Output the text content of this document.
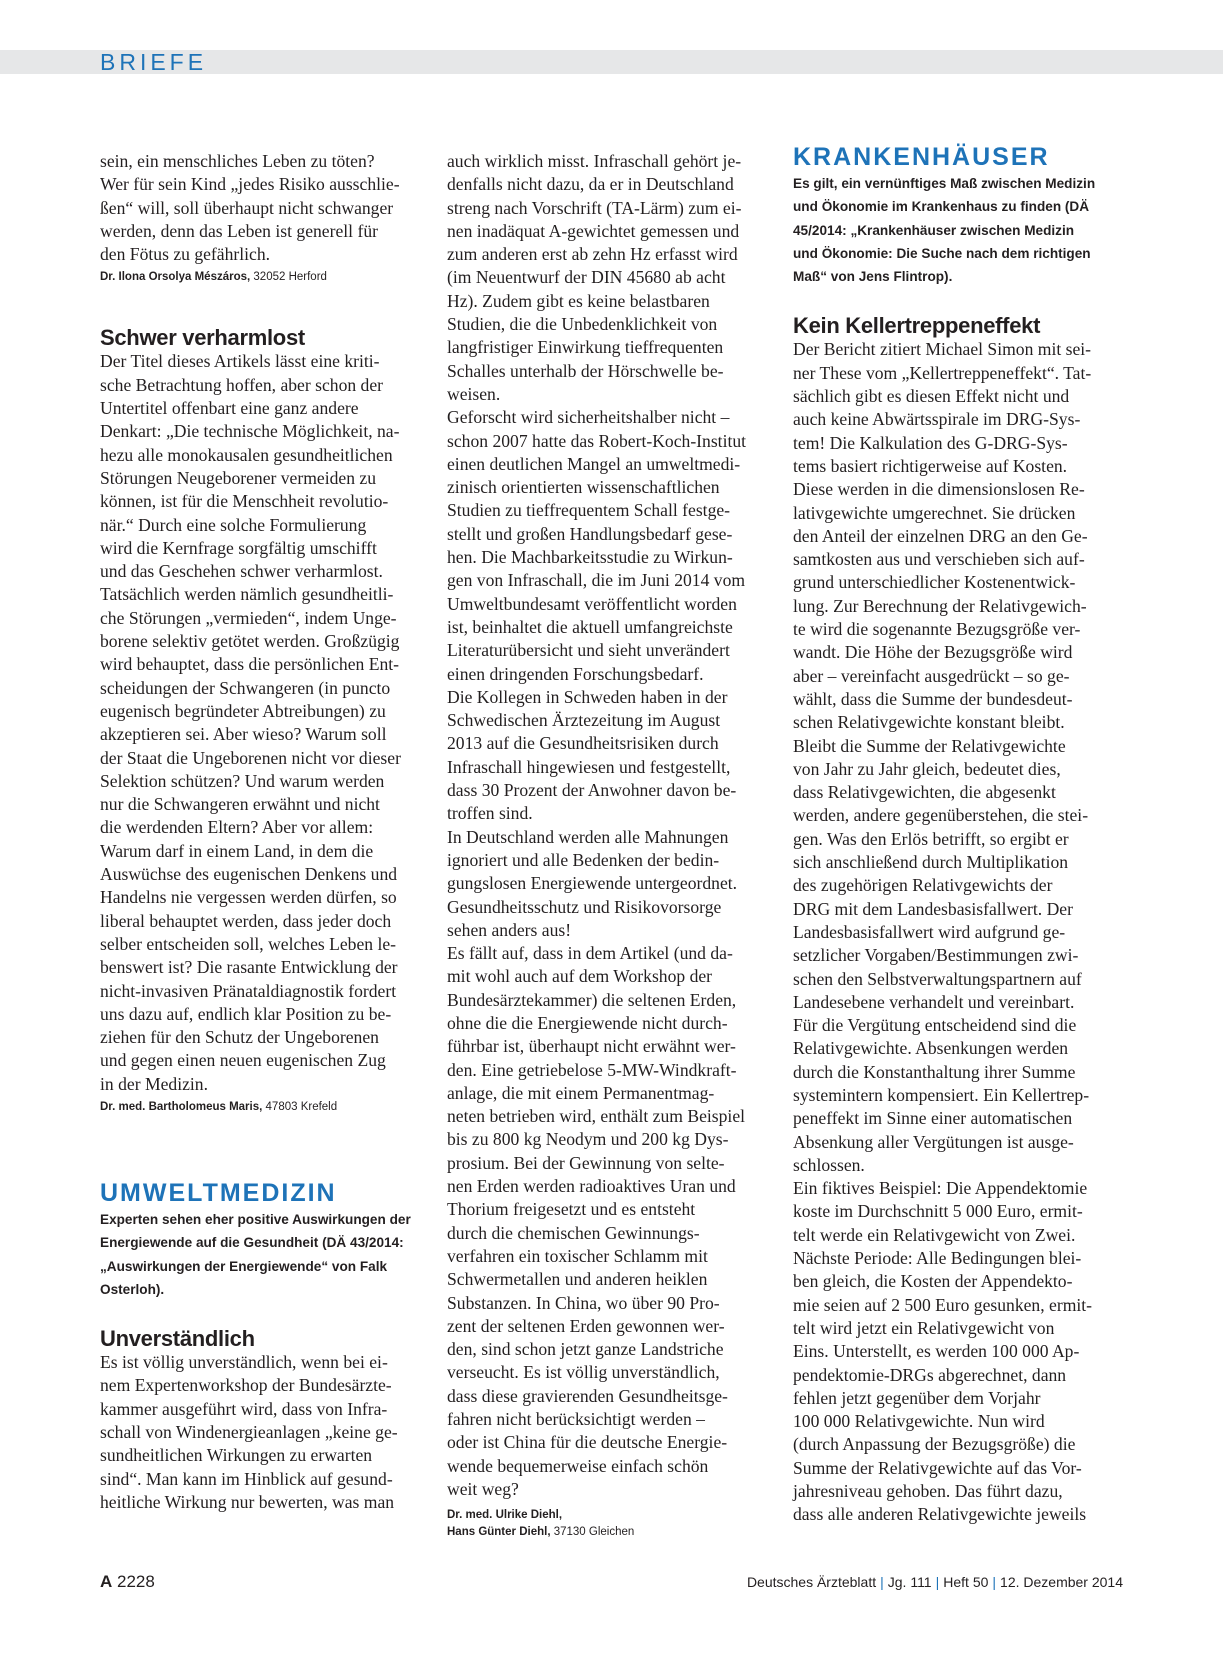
BRIEFE
sein, ein menschliches Leben zu töten?
Wer für sein Kind „jedes Risiko ausschlie-
ßen“ will, soll überhaupt nicht schwanger
werden, denn das Leben ist generell für
den Fötus zu gefährlich.
Dr. Ilona Orsolya Mészáros, 32052 Herford
Schwer verharmlost
Der Titel dieses Artikels lässt eine kriti-
sche Betrachtung hoffen, aber schon der
Untertitel offenbart eine ganz andere
Denkart: „Die technische Möglichkeit, na-
hezu alle monokausalen gesundheitlichen
Störungen Neugeborener vermeiden zu
können, ist für die Menschheit revolutio-
när.“ Durch eine solche Formulierung
wird die Kernfrage sorgfältig umschifft
und das Geschehen schwer verharmlost.
Tatsächlich werden nämlich gesundheitli-
che Störungen „vermieden“, indem Unge-
borene selektiv getötet werden. Großzügig
wird behauptet, dass die persönlichen Ent-
scheidungen der Schwangeren (in puncto
eugenisch begründeter Abtreibungen) zu
akzeptieren sei. Aber wieso? Warum soll
der Staat die Ungeborenen nicht vor dieser
Selektion schützen? Und warum werden
nur die Schwangeren erwähnt und nicht
die werdenden Eltern? Aber vor allem:
Warum darf in einem Land, in dem die
Auswüchse des eugenischen Denkens und
Handelns nie vergessen werden dürfen, so
liberal behauptet werden, dass jeder doch
selber entscheiden soll, welches Leben le-
benswert ist? Die rasante Entwicklung der
nicht-invasiven Pränataldiagnostik fordert
uns dazu auf, endlich klar Position zu be-
ziehen für den Schutz der Ungeborenen
und gegen einen neuen eugenischen Zug
in der Medizin.
Dr. med. Bartholomeus Maris, 47803 Krefeld
UMWELTMEDIZIN
Experten sehen eher positive Auswirkungen der
Energiewende auf die Gesundheit (DÄ 43/2014:
„Auswirkungen der Energiewende“ von Falk
Osterloh).
Unverständlich
Es ist völlig unverständlich, wenn bei ei-
nem Expertenworkshop der Bundesärzte-
kammer ausgeführt wird, dass von Infra-
schall von Windenergieanlagen „keine ge-
sundheitlichen Wirkungen zu erwarten
sind“. Man kann im Hinblick auf gesund-
heitliche Wirkung nur bewerten, was man
auch wirklich misst. Infraschall gehört je-
denfalls nicht dazu, da er in Deutschland
streng nach Vorschrift (TA-Lärm) zum ei-
nen inadäquat A-gewichtet gemessen und
zum anderen erst ab zehn Hz erfasst wird
(im Neuentwurf der DIN 45680 ab acht
Hz). Zudem gibt es keine belastbaren
Studien, die die Unbedenklichkeit von
langfristiger Einwirkung tieffrequenten
Schalles unterhalb der Hörschwelle be-
weisen.
Geforscht wird sicherheitshalber nicht –
schon 2007 hatte das Robert-Koch-Institut
einen deutlichen Mangel an umweltmedi-
zinisch orientierten wissenschaftlichen
Studien zu tieffrequentem Schall festge-
stellt und großen Handlungsbedarf gese-
hen. Die Machbarkeitsstudie zu Wirkun-
gen von Infraschall, die im Juni 2014 vom
Umweltbundesamt veröffentlicht worden
ist, beinhaltet die aktuell umfangreichste
Literaturübersicht und sieht unverändert
einen dringenden Forschungsbedarf.
Die Kollegen in Schweden haben in der
Schwedischen Ärztezeitung im August
2013 auf die Gesundheitsrisiken durch
Infraschall hingewiesen und festgestellt,
dass 30 Prozent der Anwohner davon be-
troffen sind.
In Deutschland werden alle Mahnungen
ignoriert und alle Bedenken der bedin-
gungslosen Energiewende untergeordnet.
Gesundheitsschutz und Risikovorsorge
sehen anders aus!
Es fällt auf, dass in dem Artikel (und da-
mit wohl auch auf dem Workshop der
Bundesärztekammer) die seltenen Erden,
ohne die die Energiewende nicht durch-
führbar ist, überhaupt nicht erwähnt wer-
den. Eine getriebelose 5-MW-Windkraft-
anlage, die mit einem Permanentmag-
neten betrieben wird, enthält zum Beispiel
bis zu 800 kg Neodym und 200 kg Dys-
prosium. Bei der Gewinnung von selte-
nen Erden werden radioaktives Uran und
Thorium freigesetzt und es entsteht
durch die chemischen Gewinnungs-
verfahren ein toxischer Schlamm mit
Schwermetallen und anderen heiklen
Substanzen. In China, wo über 90 Pro-
zent der seltenen Erden gewonnen wer-
den, sind schon jetzt ganze Landstriche
verseucht. Es ist völlig unverständlich,
dass diese gravierenden Gesundheitsge-
fahren nicht berücksichtigt werden –
oder ist China für die deutsche Energie-
wende bequemerweise einfach schön
weit weg?
Dr. med. Ulrike Diehl,
Hans Günter Diehl, 37130 Gleichen
KRANKENHÄUSER
Es gilt, ein vernünftiges Maß zwischen Medizin
und Ökonomie im Krankenhaus zu finden (DÄ
45/2014: „Krankenhäuser zwischen Medizin
und Ökonomie: Die Suche nach dem richtigen
Maß“ von Jens Flintrop).
Kein Kellertreppeneffekt
Der Bericht zitiert Michael Simon mit sei-
ner These vom „Kellertreppeneffekt“. Tat-
sächlich gibt es diesen Effekt nicht und
auch keine Abwärtsspirale im DRG-Sys-
tem! Die Kalkulation des G-DRG-Sys-
tems basiert richtigerweise auf Kosten.
Diese werden in die dimensionslosen Re-
lativgewichte umgerechnet. Sie drücken
den Anteil der einzelnen DRG an den Ge-
samtkosten aus und verschieben sich auf-
grund unterschiedlicher Kostenentwick-
lung. Zur Berechnung der Relativgewich-
te wird die sogenannte Bezugsgröße ver-
wandt. Die Höhe der Bezugsgröße wird
aber – vereinfacht ausgedrückt – so ge-
wählt, dass die Summe der bundesdeut-
schen Relativgewichte konstant bleibt.
Bleibt die Summe der Relativgewichte
von Jahr zu Jahr gleich, bedeutet dies,
dass Relativgewichten, die abgesenkt
werden, andere gegenüberstehen, die stei-
gen. Was den Erlös betrifft, so ergibt er
sich anschließend durch Multiplikation
des zugehörigen Relativgewichts der
DRG mit dem Landesbasisfallwert. Der
Landesbasisfallwert wird aufgrund ge-
setzlicher Vorgaben/Bestimmungen zwi-
schen den Selbstverwaltungspartnern auf
Landesebene verhandelt und vereinbart.
Für die Vergütung entscheidend sind die
Relativgewichte. Absenkungen werden
durch die Konstanthaltung ihrer Summe
systemintern kompensiert. Ein Kellertrep-
peneffekt im Sinne einer automatischen
Absenkung aller Vergütungen ist ausge-
schlossen.
Ein fiktives Beispiel: Die Appendektomie
koste im Durchschnitt 5 000 Euro, ermit-
telt werde ein Relativgewicht von Zwei.
Nächste Periode: Alle Bedingungen blei-
ben gleich, die Kosten der Appendekto-
mie seien auf 2 500 Euro gesunken, ermit-
telt wird jetzt ein Relativgewicht von
Eins. Unterstellt, es werden 100 000 Ap-
pendektomie-DRGs abgerechnet, dann
fehlen jetzt gegenüber dem Vorjahr
100 000 Relativgewichte. Nun wird
(durch Anpassung der Bezugsgröße) die
Summe der Relativgewichte auf das Vor-
jahresniveau gehoben. Das führt dazu,
dass alle anderen Relativgewichte jeweils
A 2228	Deutsches Ärzteblatt | Jg. 111 | Heft 50 | 12. Dezember 2014
